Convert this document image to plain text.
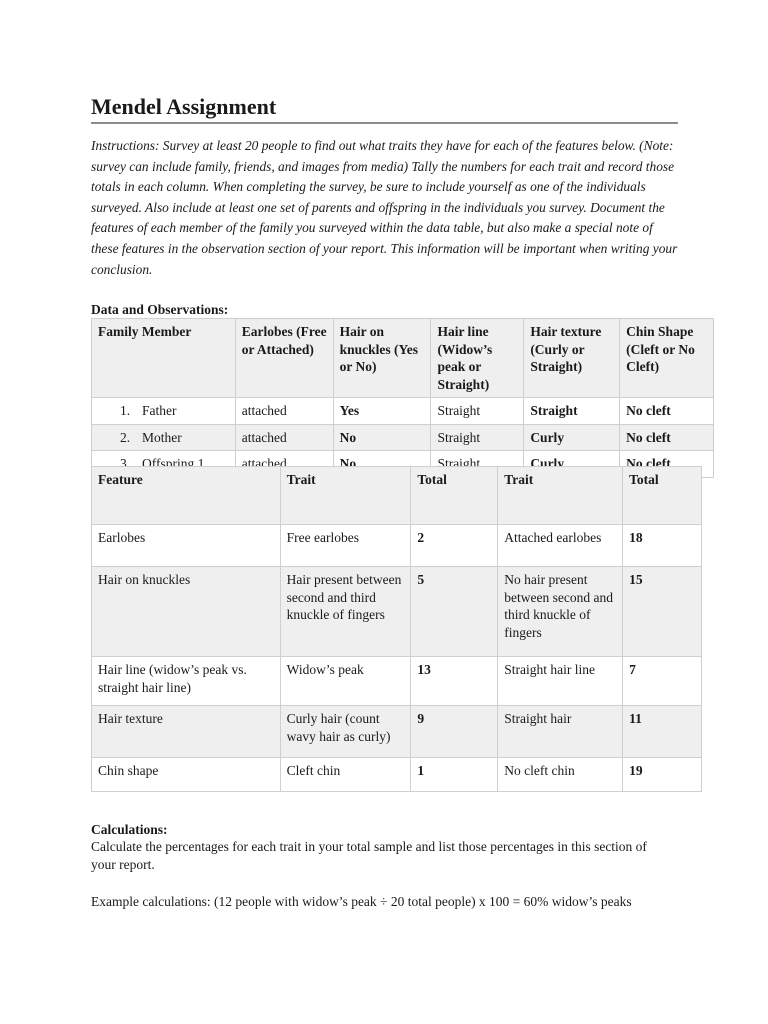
Mendel Assignment

Instructions: Survey at least 20 people to find out what traits they have for each of the features below. (Note: survey can include family, friends, and images from media) Tally the numbers for each trait and record those totals in each column. When completing the survey, be sure to include yourself as one of the individuals surveyed. Also include at least one set of parents and offspring in the individuals you survey. Document the features of each member of the family you surveyed within the data table, but also make a special note of these features in the observation section of your report. This information will be important when writing your conclusion.

Data and Observations:
Family Member	Earlobes (Free or Attached)	Hair on knuckles (Yes or No)	Hair line (Widow’s peak or Straight)	Hair texture (Curly or Straight)	Chin Shape (Cleft or No Cleft)
1. Father	attached	Yes	Straight	Straight	No cleft
2. Mother	attached	No	Straight	Curly	No cleft
3. Offspring 1	attached	No	Straight	Curly	No cleft
Feature	Trait	Total	Trait	Total
Earlobes	Free earlobes	2	Attached earlobes	18
Hair on knuckles	Hair present between second and third knuckle of fingers	5	No hair present between second and third knuckle of fingers	15
Hair line (widow’s peak vs. straight hair line)	Widow’s peak	13	Straight hair line	7
Hair texture	Curly hair (count wavy hair as curly)	9	Straight hair	11
Chin shape	Cleft chin	1	No cleft chin	19
Calculations:

Calculate the percentages for each trait in your total sample and list those percentages in this section of your report.

Example calculations: (12 people with widow’s peak ÷ 20 total people) x 100 = 60% widow’s peaks
